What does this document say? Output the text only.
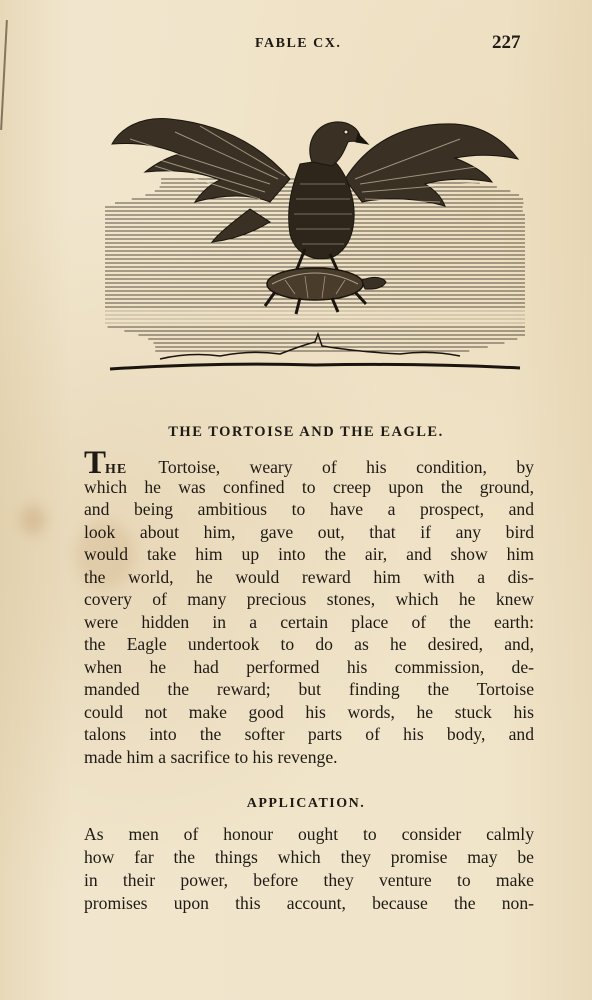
FABLE CX.	227
THE TORTOISE AND THE EAGLE.
THE Tortoise, weary of his condition, by
which he was confined to creep upon the ground,
and being ambitious to have a prospect, and
look about him, gave out, that if any bird
would take him up into the air, and show him
the world, he would reward him with a dis-
covery of many precious stones, which he knew
were hidden in a certain place of the earth:
the Eagle undertook to do as he desired, and,
when he had performed his commission, de-
manded the reward; but finding the Tortoise
could not make good his words, he stuck his
talons into the softer parts of his body, and
made him a sacrifice to his revenge.
APPLICATION.
As men of honour ought to consider calmly
how far the things which they promise may be
in their power, before they venture to make
promises upon this account, because the non-
